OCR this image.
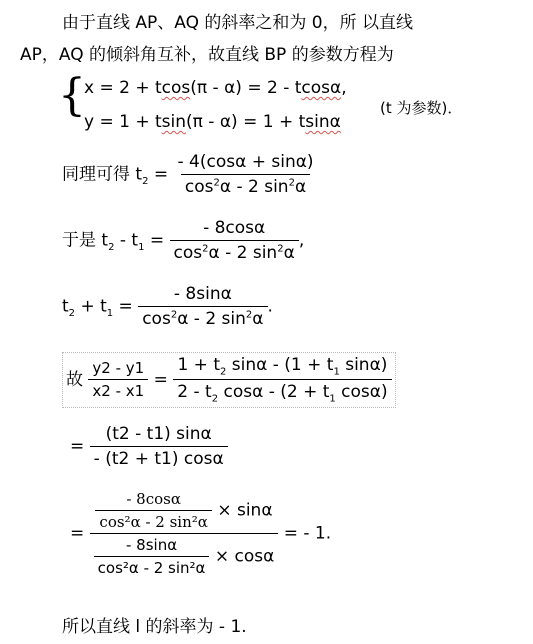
由于直线 AP、AQ 的斜率之和为 0，所 以直线
AP，AQ 的倾斜角互补，故直线 BP 的参数方程为
{
x = 2 + tcos(π - α) = 2 - tcosα,
y = 1 + tsin(π - α) = 1 + tsinα
(t 为参数)．
同理可得 $t_2 = \frac{- 4(\cos\alpha + \sin\alpha)}{\cos^2\alpha - 2 \sin^2\alpha}$
于是 $t_2 - t_1 = \frac{- 8\cos\alpha}{\cos^2\alpha - 2 \sin^2\alpha}$ ,
$t_2 + t_1 = \frac{- 8\sin\alpha}{\cos^2\alpha - 2 \sin^2\alpha}$ .
故 $\frac{y2 - y1}{x2 - x1} = \frac{1 + t_2 \sin\alpha - (1 + t_1 \sin\alpha)}{2 - t_2 \cos\alpha - (2 + t_1 \cos\alpha)}$
= $\frac{(t2 - t1) \sin\alpha}{- (t2 + t1) \cos\alpha}$
= $\frac{\frac{- 8\cos\alpha}{\text{cos²α - 2 sin²α}} \times \sin\alpha}{\frac{- 8\sin\alpha}{\text{cos²α - 2 sin²α}} \times \cos\alpha}$ = - 1.
所以直线 l 的斜率为 - 1.
